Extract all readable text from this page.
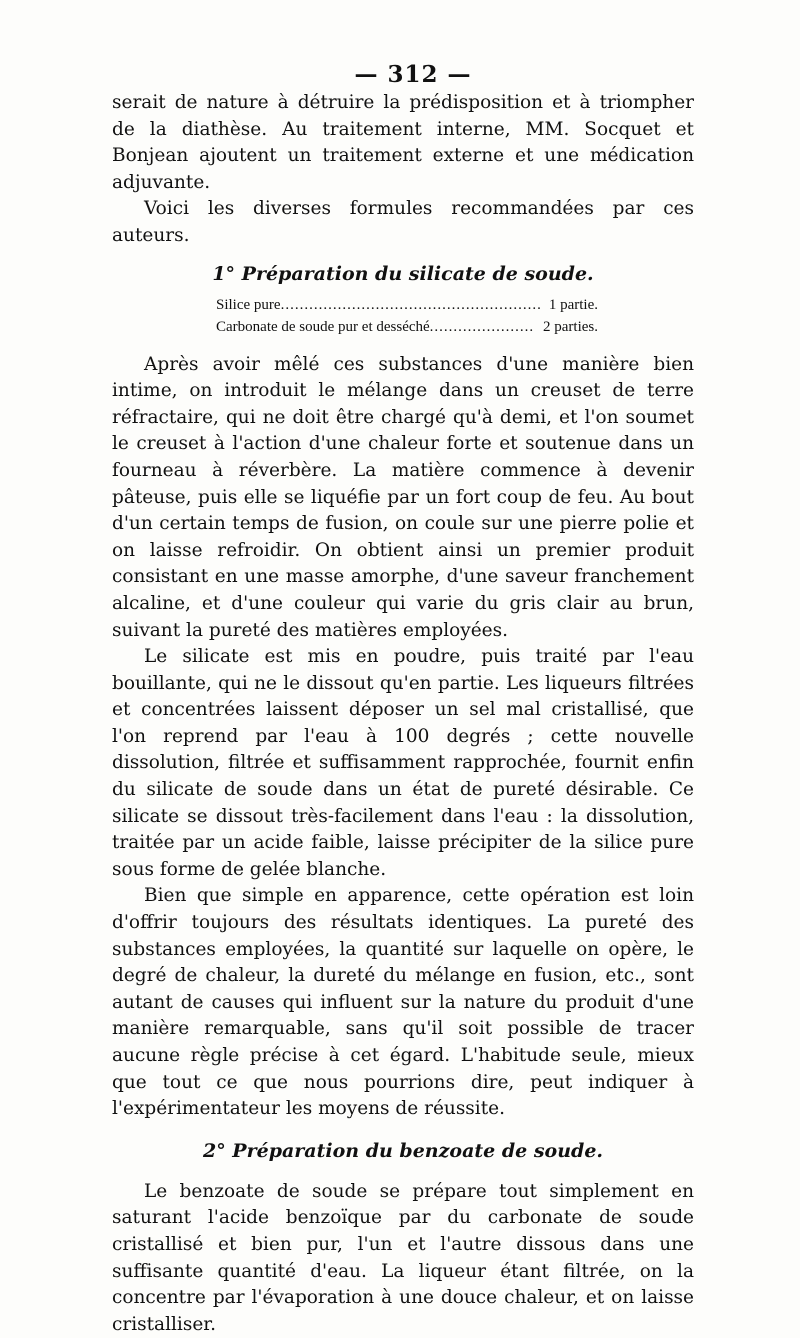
— 312 —

serait de nature à détruire la prédisposition et à triompher de la diathèse. Au traitement interne, MM. Socquet et Bonjean ajoutent un traitement externe et une médication adjuvante.

Voici les diverses formules recommandées par ces auteurs.

1° Préparation du silicate de soude.
Silice pure .....	1 partie.
Carbonate de soude pur et desséché .....	2 parties.

Après avoir mêlé ces substances d'une manière bien intime, on introduit le mélange dans un creuset de terre réfractaire, qui ne doit être chargé qu'à demi, et l'on soumet le creuset à l'action d'une chaleur forte et soutenue dans un fourneau à réverbère. La matière commence à devenir pâteuse, puis elle se liquéfie par un fort coup de feu. Au bout d'un certain temps de fusion, on coule sur une pierre polie et on laisse refroidir. On obtient ainsi un premier produit consistant en une masse amorphe, d'une saveur franchement alcaline, et d'une couleur qui varie du gris clair au brun, suivant la pureté des matières employées.

Le silicate est mis en poudre, puis traité par l'eau bouillante, qui ne le dissout qu'en partie. Les liqueurs filtrées et concentrées laissent déposer un sel mal cristallisé, que l'on reprend par l'eau à 100 degrés ; cette nouvelle dissolution, filtrée et suffisamment rapprochée, fournit enfin du silicate de soude dans un état de pureté désirable. Ce silicate se dissout très-facilement dans l'eau : la dissolution, traitée par un acide faible, laisse précipiter de la silice pure sous forme de gelée blanche.

Bien que simple en apparence, cette opération est loin d'offrir toujours des résultats identiques. La pureté des substances employées, la quantité sur laquelle on opère, le degré de chaleur, la dureté du mélange en fusion, etc., sont autant de causes qui influent sur la nature du produit d'une manière remarquable, sans qu'il soit possible de tracer aucune règle précise à cet égard. L'habitude seule, mieux que tout ce que nous pourrions dire, peut indiquer à l'expérimentateur les moyens de réussite.

2° Préparation du benzoate de soude.

Le benzoate de soude se prépare tout simplement en saturant l'acide benzoïque par du carbonate de soude cristallisé et bien pur, l'un et l'autre dissous dans une suffisante quantité d'eau. La liqueur étant filtrée, on la concentre par l'évaporation à une douce chaleur, et on laisse cristalliser.
